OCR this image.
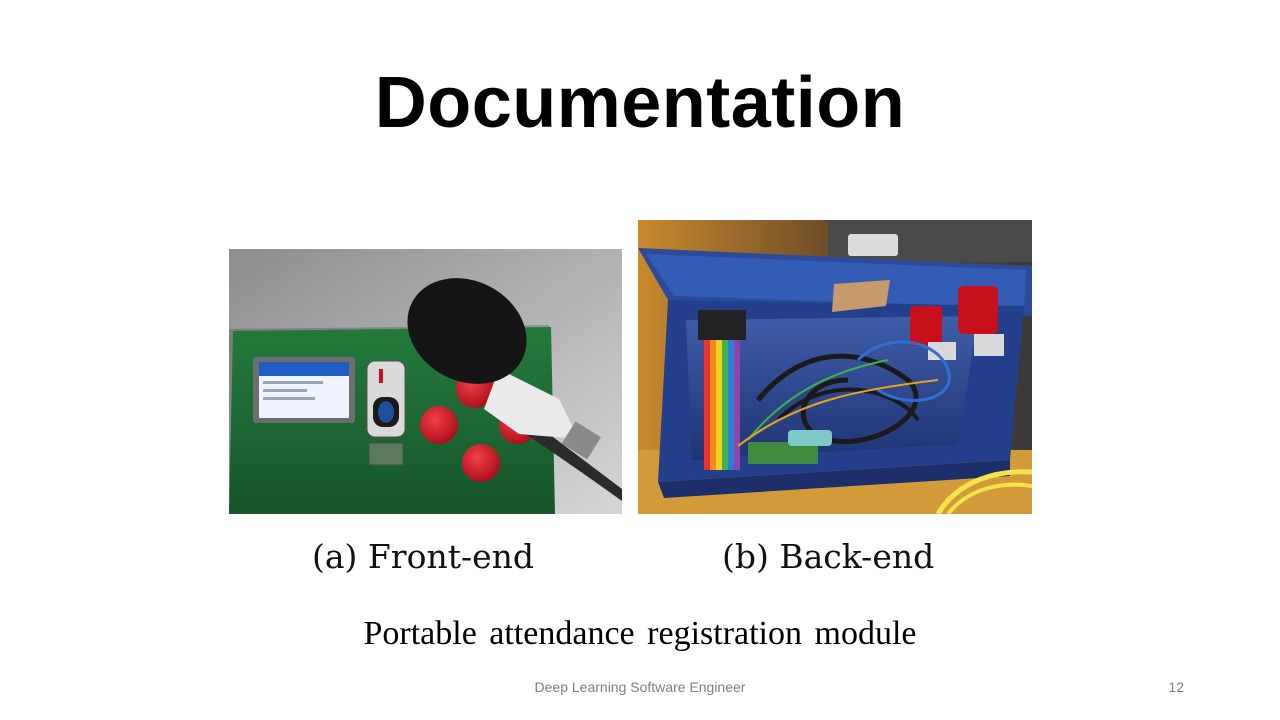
Documentation
(a) Front-end	(b) Back-end
Portable attendance registration module
Deep Learning Software Engineer	12
